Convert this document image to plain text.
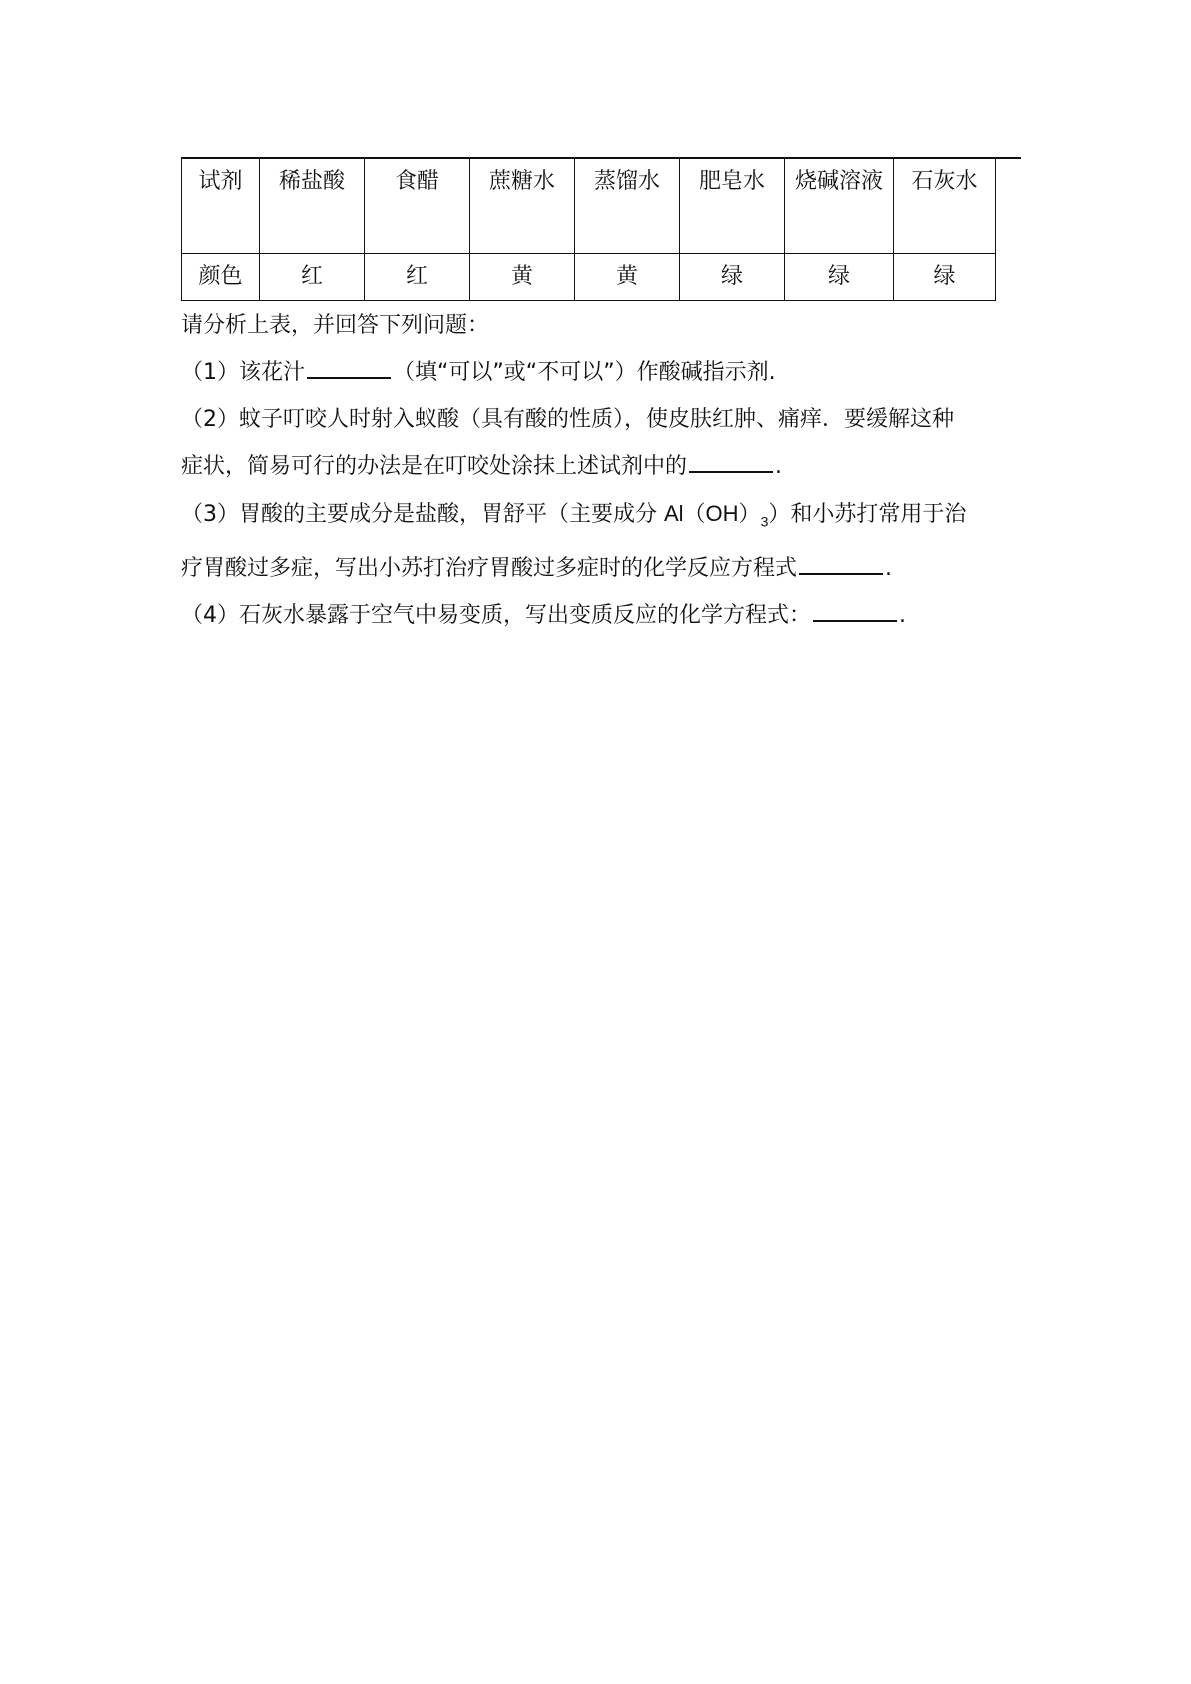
试剂	稀盐酸	食醋	蔗糖水	蒸馏水	肥皂水	烧碱溶液	石灰水
颜色	红	红	黄	黄	绿	绿	绿

请分析上表，并回答下列问题：

（1）该花汁	（填“可以”或“不可以”）作酸碱指示剂.

（2）蚊子叮咬人时射入蚁酸（具有酸的性质），使皮肤红肿、痛痒．要缓解这种

症状，简易可行的办法是在叮咬处涂抹上述试剂中的	.

（3）胃酸的主要成分是盐酸，胃舒平（主要成分 $Al(OH)_3$）和小苏打常用于治

疗胃酸过多症，写出小苏打治疗胃酸过多症时的化学反应方程式	.

（4）石灰水暴露于空气中易变质，写出变质反应的化学方程式：	.
